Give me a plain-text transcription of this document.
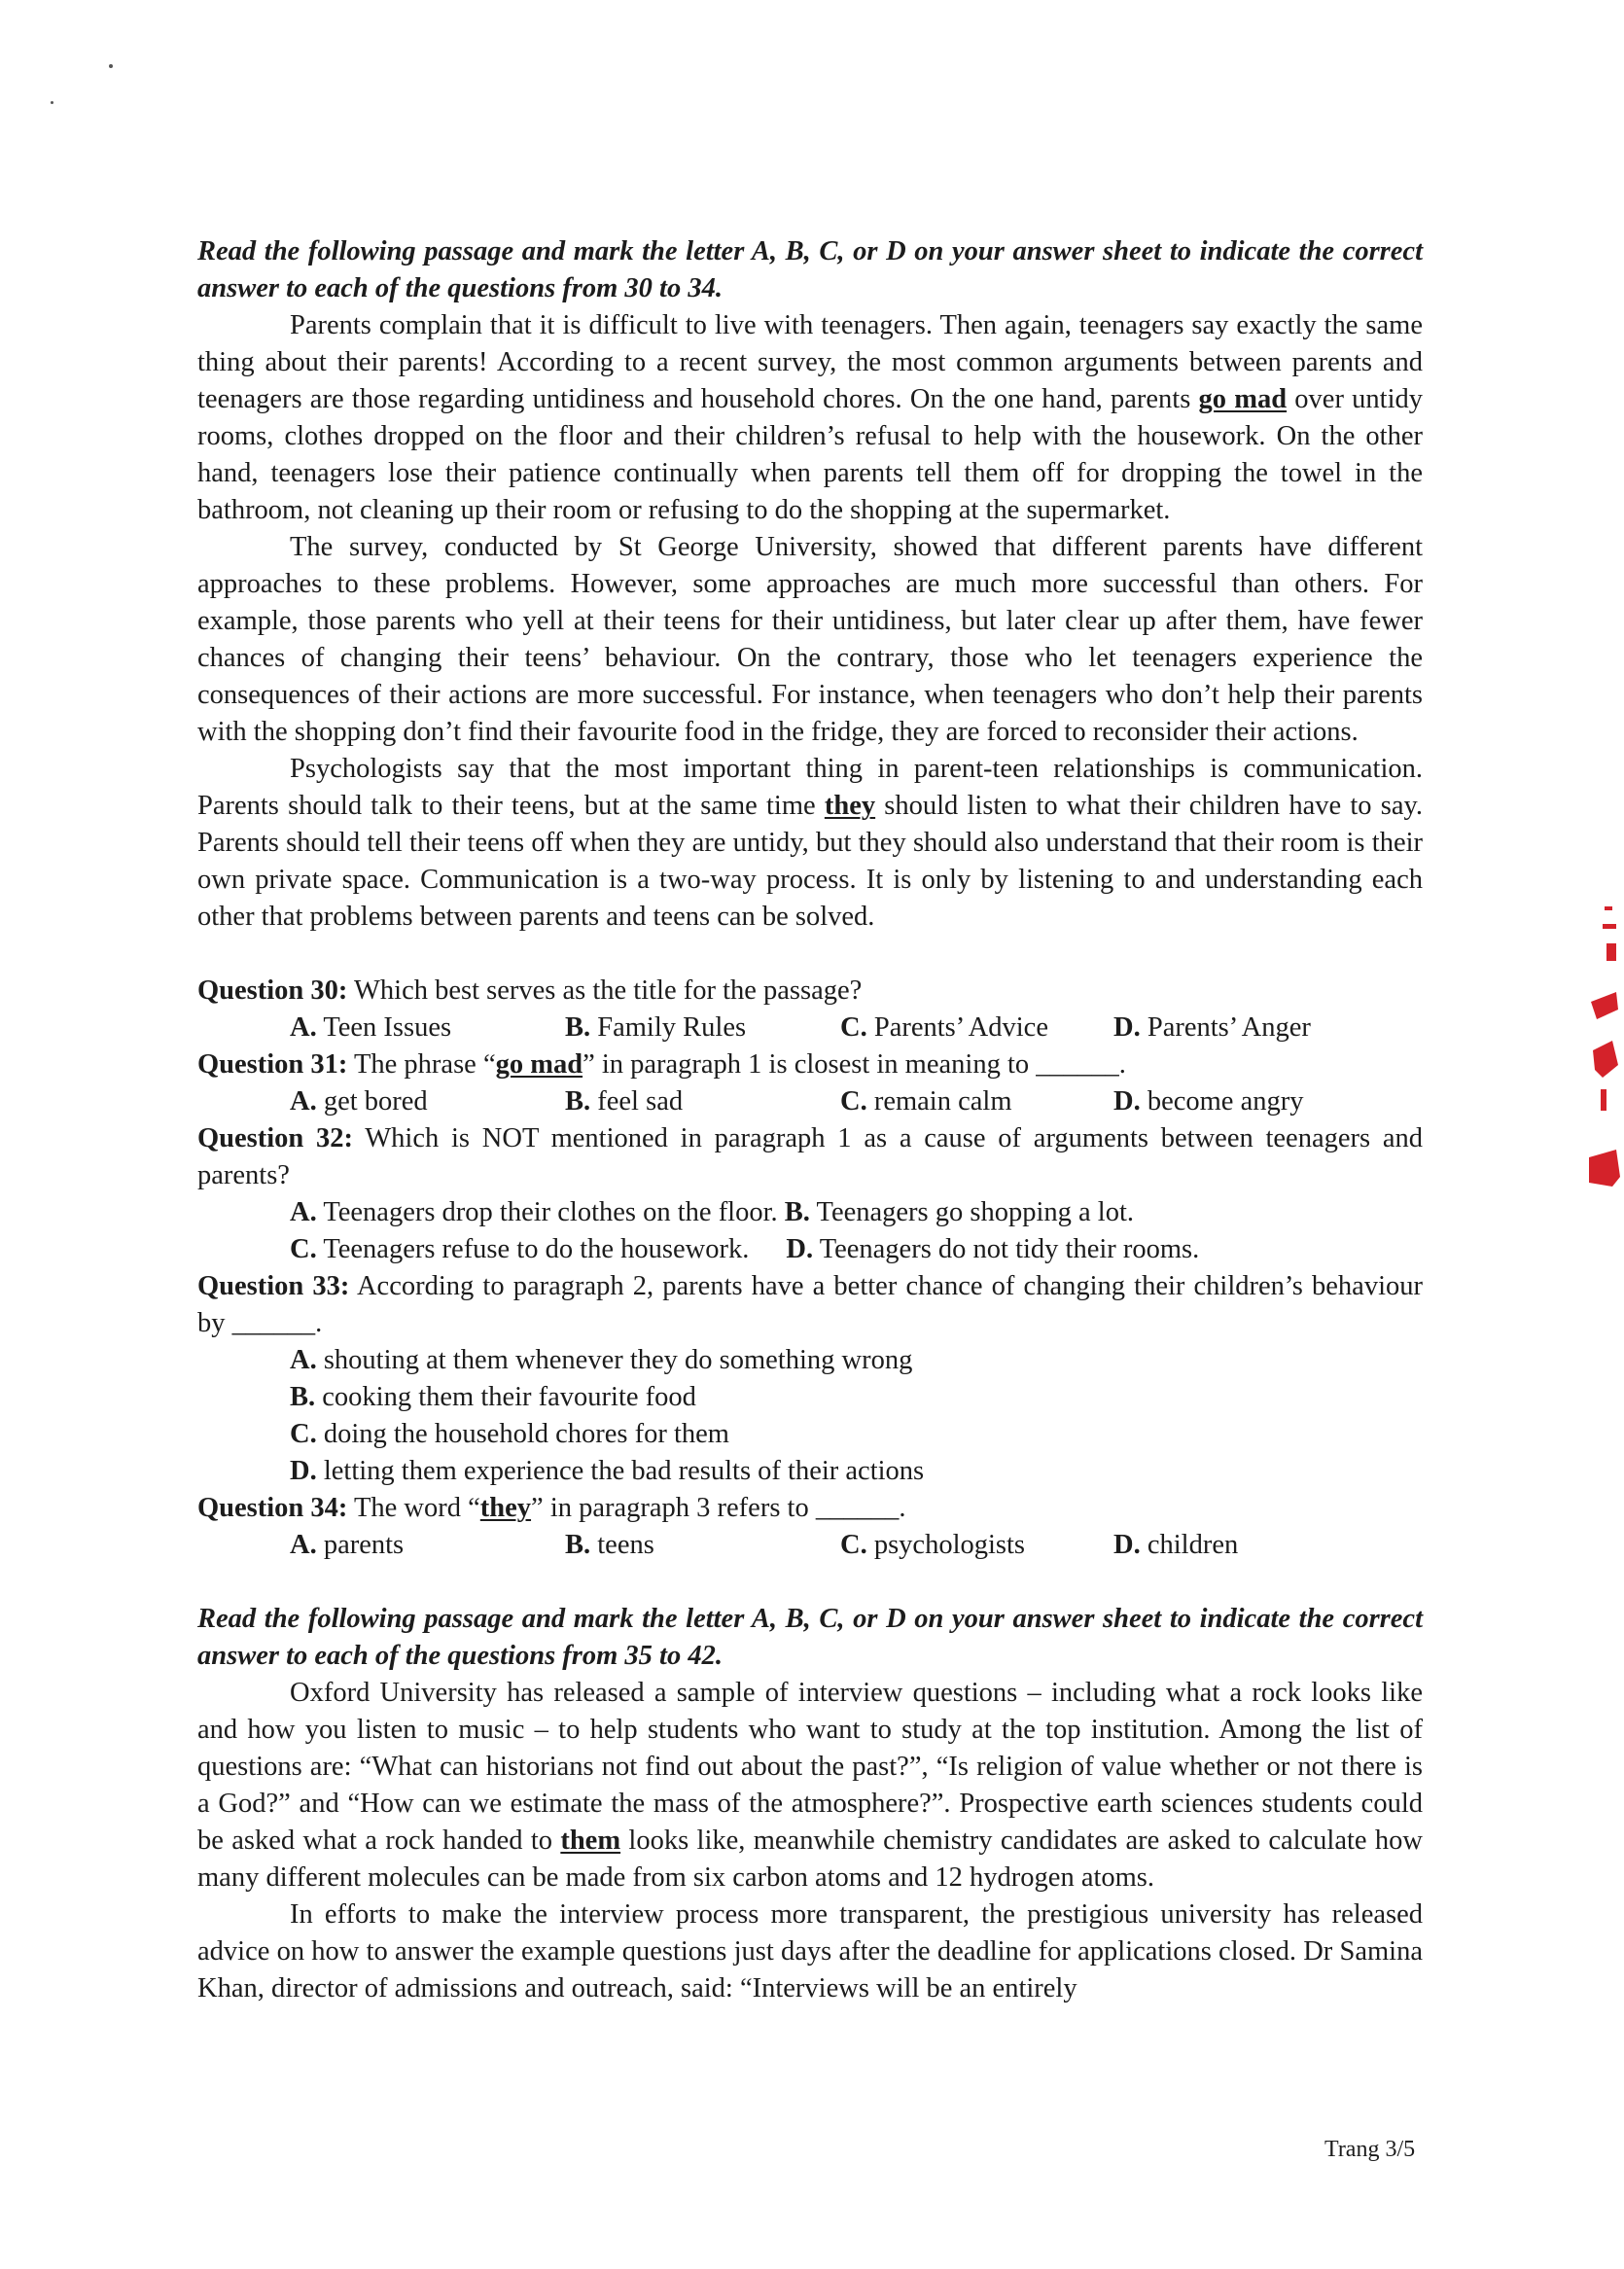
Read the following passage and mark the letter A, B, C, or D on your answer sheet to indicate the correct answer to each of the questions from 30 to 34.
Parents complain that it is difficult to live with teenagers. Then again, teenagers say exactly the same thing about their parents! According to a recent survey, the most common arguments between parents and teenagers are those regarding untidiness and household chores. On the one hand, parents go mad over untidy rooms, clothes dropped on the floor and their children’s refusal to help with the housework. On the other hand, teenagers lose their patience continually when parents tell them off for dropping the towel in the bathroom, not cleaning up their room or refusing to do the shopping at the supermarket.
The survey, conducted by St George University, showed that different parents have different approaches to these problems. However, some approaches are much more successful than others. For example, those parents who yell at their teens for their untidiness, but later clear up after them, have fewer chances of changing their teens’ behaviour. On the contrary, those who let teenagers experience the consequences of their actions are more successful. For instance, when teenagers who don’t help their parents with the shopping don’t find their favourite food in the fridge, they are forced to reconsider their actions.
Psychologists say that the most important thing in parent-teen relationships is communication. Parents should talk to their teens, but at the same time they should listen to what their children have to say. Parents should tell their teens off when they are untidy, but they should also understand that their room is their own private space. Communication is a two-way process. It is only by listening to and understanding each other that problems between parents and teens can be solved.
Question 30: Which best serves as the title for the passage?
A. Teen Issues	B. Family Rules	C. Parents’ Advice	D. Parents’ Anger
Question 31: The phrase “go mad” in paragraph 1 is closest in meaning to ______.
A. get bored	B. feel sad	C. remain calm	D. become angry
Question 32: Which is NOT mentioned in paragraph 1 as a cause of arguments between teenagers and parents?
A. Teenagers drop their clothes on the floor. B. Teenagers go shopping a lot.
C. Teenagers refuse to do the housework. D. Teenagers do not tidy their rooms.
Question 33: According to paragraph 2, parents have a better chance of changing their children’s behaviour by ______.
A. shouting at them whenever they do something wrong
B. cooking them their favourite food
C. doing the household chores for them
D. letting them experience the bad results of their actions
Question 34: The word “they” in paragraph 3 refers to ______.
A. parents	B. teens	C. psychologists	D. children
Read the following passage and mark the letter A, B, C, or D on your answer sheet to indicate the correct answer to each of the questions from 35 to 42.
Oxford University has released a sample of interview questions – including what a rock looks like and how you listen to music – to help students who want to study at the top institution. Among the list of questions are: “What can historians not find out about the past?”, “Is religion of value whether or not there is a God?” and “How can we estimate the mass of the atmosphere?”. Prospective earth sciences students could be asked what a rock handed to them looks like, meanwhile chemistry candidates are asked to calculate how many different molecules can be made from six carbon atoms and 12 hydrogen atoms.
In efforts to make the interview process more transparent, the prestigious university has released advice on how to answer the example questions just days after the deadline for applications closed. Dr Samina Khan, director of admissions and outreach, said: “Interviews will be an entirely
Trang 3/5
